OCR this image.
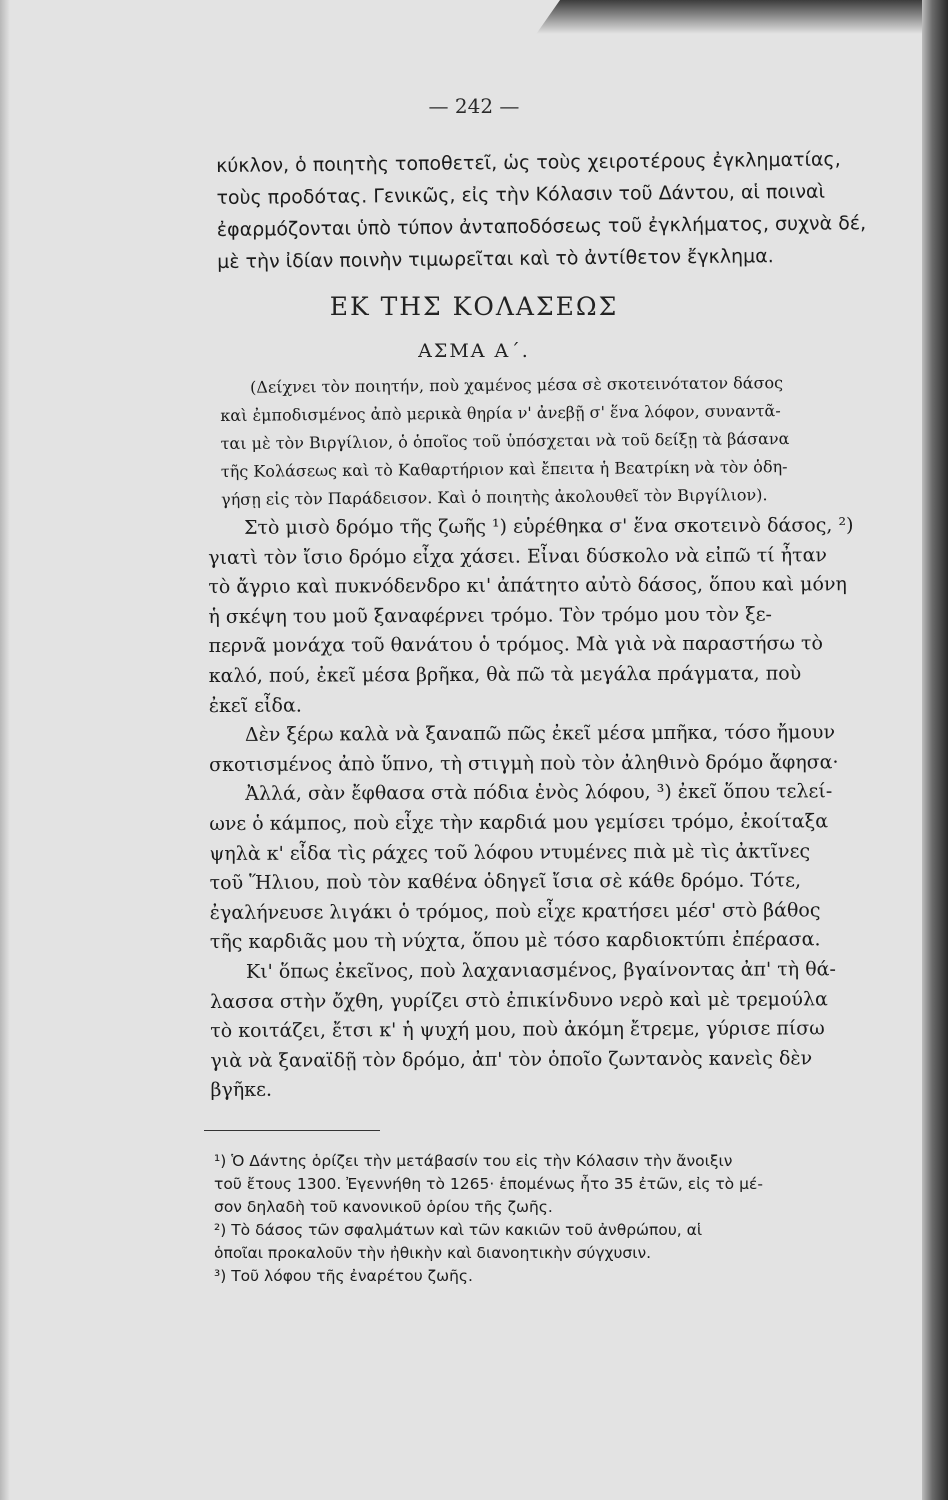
— 242 —
κύκλον, ὁ ποιητὴς τοποθετεῖ, ὡς τοὺς χειροτέρους ἐγκληματίας,
τοὺς προδότας. Γενικῶς, εἰς τὴν Κόλασιν τοῦ Δάντου, αἱ ποιναὶ
ἐφαρμόζονται ὑπὸ τύπον ἀνταποδόσεως τοῦ ἐγκλήματος, συχνὰ δέ,
μὲ τὴν ἰδίαν ποινὴν τιμωρεῖται καὶ τὸ ἀντίθετον ἔγκλημα.
ΕΚ ΤΗΣ ΚΟΛΑΣΕΩΣ
ΑΣΜΑ Α΄.
(Δείχνει τὸν ποιητήν, ποὺ χαμένος μέσα σὲ σκοτεινότατον δάσος
καὶ ἐμποδισμένος ἀπὸ μερικὰ θηρία ν' ἀνεβῇ σ' ἕνα λόφον, συναντᾶ-
ται μὲ τὸν Βιργίλιον, ὁ ὁποῖος τοῦ ὑπόσχεται νὰ τοῦ δείξῃ τὰ βάσανα
τῆς Κολάσεως καὶ τὸ Καθαρτήριον καὶ ἔπειτα ἡ Βεατρίκη νὰ τὸν ὁδη-
γήσῃ εἰς τὸν Παράδεισον. Καὶ ὁ ποιητὴς ἀκολουθεῖ τὸν Βιργίλιον).
Στὸ μισὸ δρόμο τῆς ζωῆς ¹) εὑρέθηκα σ' ἕνα σκοτεινὸ δάσος, ²)
γιατὶ τὸν ἴσιο δρόμο εἶχα χάσει. Εἶναι δύσκολο νὰ εἰπῶ τί ἦταν
τὸ ἄγριο καὶ πυκνόδενδρο κι' ἀπάτητο αὐτὸ δάσος, ὅπου καὶ μόνη
ἡ σκέψη του μοῦ ξαναφέρνει τρόμο. Τὸν τρόμο μου τὸν ξε-
περνᾶ μονάχα τοῦ θανάτου ὁ τρόμος. Μὰ γιὰ νὰ παραστήσω τὸ
καλό, πού, ἐκεῖ μέσα βρῆκα, θὰ πῶ τὰ μεγάλα πράγματα, ποὺ
ἐκεῖ εἶδα.
Δὲν ξέρω καλὰ νὰ ξαναπῶ πῶς ἐκεῖ μέσα μπῆκα, τόσο ἤμουν
σκοτισμένος ἀπὸ ὕπνο, τὴ στιγμὴ ποὺ τὸν ἀληθινὸ δρόμο ἄφησα·
Ἀλλά, σὰν ἔφθασα στὰ πόδια ἑνὸς λόφου, ³) ἐκεῖ ὅπου τελεί-
ωνε ὁ κάμπος, ποὺ εἶχε τὴν καρδιά μου γεμίσει τρόμο, ἐκοίταξα
ψηλὰ κ' εἶδα τὶς ράχες τοῦ λόφου ντυμένες πιὰ μὲ τὶς ἀκτῖνες
τοῦ Ἥλιου, ποὺ τὸν καθένα ὁδηγεῖ ἴσια σὲ κάθε δρόμο. Τότε,
ἐγαλήνευσε λιγάκι ὁ τρόμος, ποὺ εἶχε κρατήσει μέσ' στὸ βάθος
τῆς καρδιᾶς μου τὴ νύχτα, ὅπου μὲ τόσο καρδιοκτύπι ἐπέρασα.
Κι' ὅπως ἐκεῖνος, ποὺ λαχανιασμένος, βγαίνοντας ἀπ' τὴ θά-
λασσα στὴν ὄχθη, γυρίζει στὸ ἐπικίνδυνο νερὸ καὶ μὲ τρεμούλα
τὸ κοιτάζει, ἔτσι κ' ἡ ψυχή μου, ποὺ ἀκόμη ἔτρεμε, γύρισε πίσω
γιὰ νὰ ξαναϊδῇ τὸν δρόμο, ἀπ' τὸν ὁποῖο ζωντανὸς κανεὶς δὲν
βγῆκε.
¹) Ὁ Δάντης ὁρίζει τὴν μετάβασίν του εἰς τὴν Κόλασιν τὴν ἄνοιξιν
τοῦ ἔτους 1300. Ἐγεννήθη τὸ 1265· ἑπομένως ἦτο 35 ἐτῶν, εἰς τὸ μέ-
σον δηλαδὴ τοῦ κανονικοῦ ὁρίου τῆς ζωῆς.
²) Τὸ δάσος τῶν σφαλμάτων καὶ τῶν κακιῶν τοῦ ἀνθρώπου, αἱ
ὁποῖαι προκαλοῦν τὴν ἠθικὴν καὶ διανοητικὴν σύγχυσιν.
³) Τοῦ λόφου τῆς ἐναρέτου ζωῆς.
